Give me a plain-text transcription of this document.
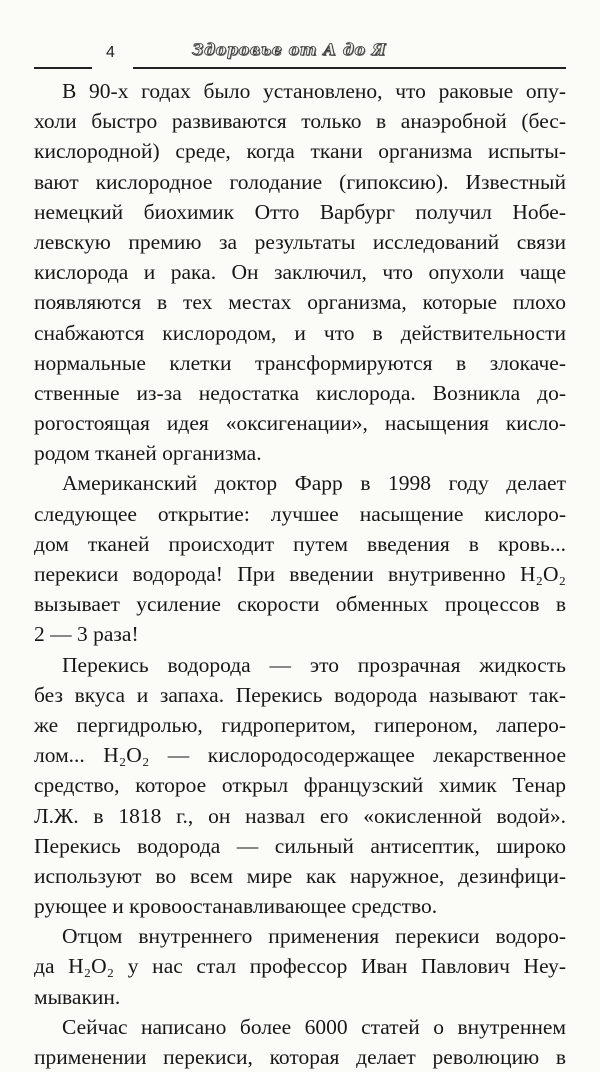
4	Здоровье от А до Я
В 90-х годах было установлено, что раковые опу-
холи быстро развиваются только в анаэробной (бес-
кислородной) среде, когда ткани организма испыты-
вают кислородное голодание (гипоксию). Известный
немецкий биохимик Отто Варбург получил Нобе-
левскую премию за результаты исследований связи
кислорода и рака. Он заключил, что опухоли чаще
появляются в тех местах организма, которые плохо
снабжаются кислородом, и что в действительности
нормальные клетки трансформируются в злокаче-
ственные из-за недостатка кислорода. Возникла до-
рогостоящая идея «оксигенации», насыщения кисло-
родом тканей организма.
Американский доктор Фарр в 1998 году делает
следующее открытие: лучшее насыщение кислоро-
дом тканей происходит путем введения в кровь...
перекиси водорода! При введении внутривенно H₂O₂
вызывает усиление скорости обменных процессов в
2 — 3 раза!
Перекись водорода — это прозрачная жидкость
без вкуса и запаха. Перекись водорода называют так-
же пергидролью, гидроперитом, гипероном, лаперо-
лом... H₂O₂ — кислородосодержащее лекарственное
средство, которое открыл французский химик Тенар
Л.Ж. в 1818 г., он назвал его «окисленной водой».
Перекись водорода — сильный антисептик, широко
используют во всем мире как наружное, дезинфици-
рующее и кровоостанавливающее средство.
Отцом внутреннего применения перекиси водоро-
да H₂O₂ у нас стал профессор Иван Павлович Неу-
мывакин.
Сейчас написано более 6000 статей о внутреннем
применении перекиси, которая делает революцию в
